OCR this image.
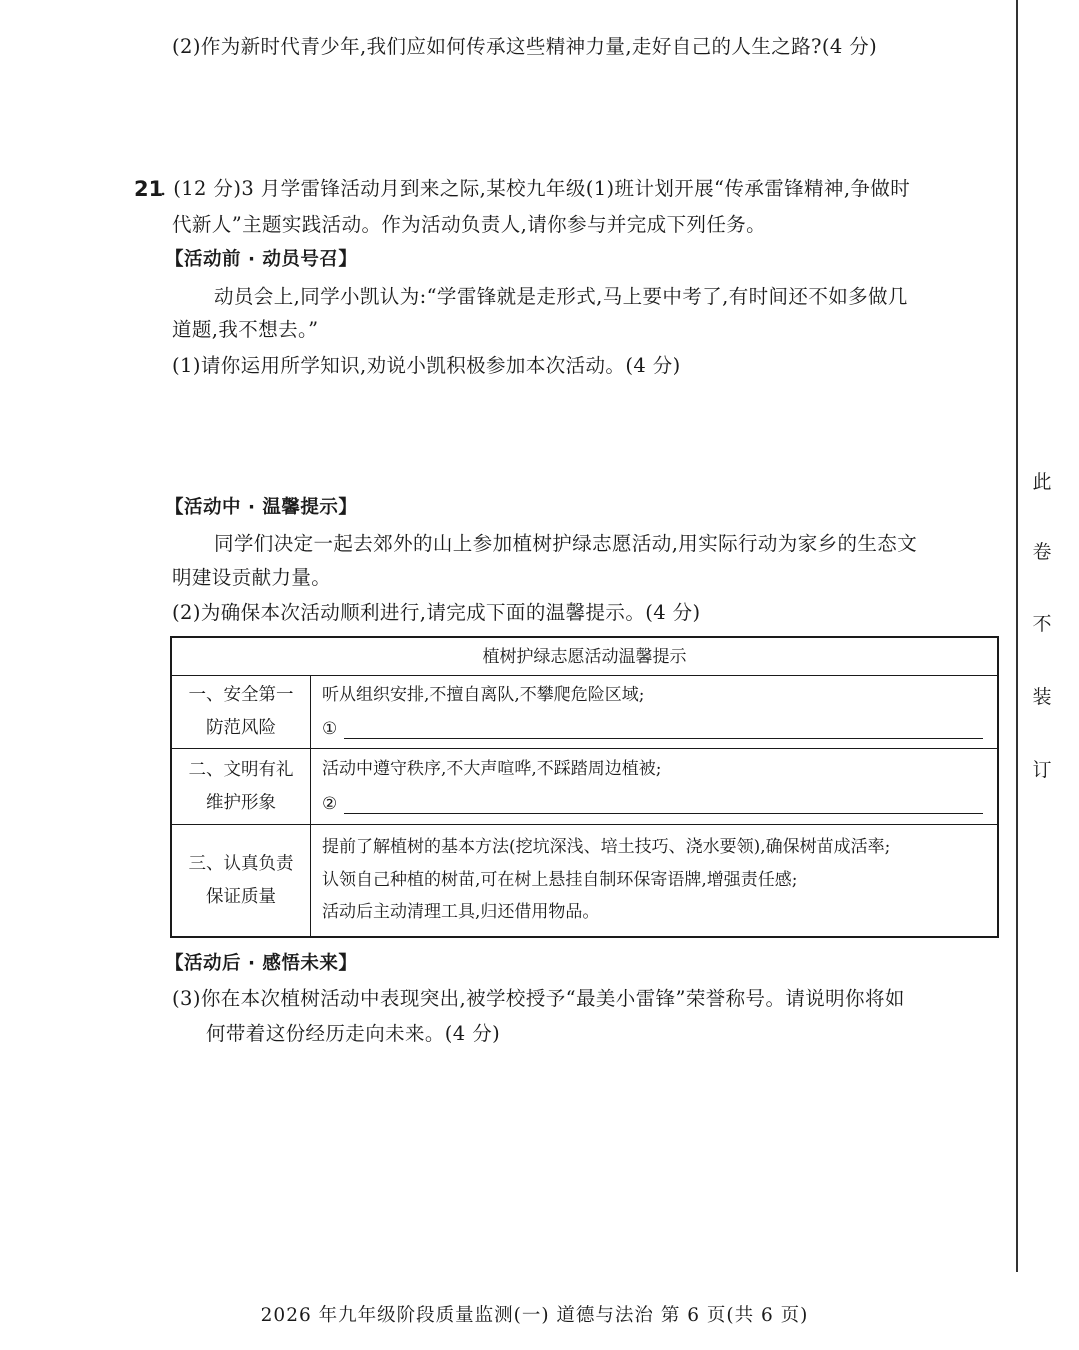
(2)作为新时代青少年,我们应如何传承这些精神力量,走好自己的人生之路?(4 分)
21
. (12 分)3 月学雷锋活动月到来之际,某校九年级(1)班计划开展“传承雷锋精神,争做时
代新人”主题实践活动。作为活动负责人,请你参与并完成下列任务。
【活动前 · 动员号召】
动员会上,同学小凯认为:“学雷锋就是走形式,马上要中考了,有时间还不如多做几
道题,我不想去。”
(1)请你运用所学知识,劝说小凯积极参加本次活动。(4 分)
【活动中 · 温馨提示】
同学们决定一起去郊外的山上参加植树护绿志愿活动,用实际行动为家乡的生态文
明建设贡献力量。
(2)为确保本次活动顺利进行,请完成下面的温馨提示。(4 分)
植树护绿志愿活动温馨提示
一、安全第一
防范风险
听从组织安排,不擅自离队,不攀爬危险区域;
①
二、文明有礼
维护形象
活动中遵守秩序,不大声喧哗,不踩踏周边植被;
②
三、认真负责
保证质量
提前了解植树的基本方法(挖坑深浅、培土技巧、浇水要领),确保树苗成活率;
认领自己种植的树苗,可在树上悬挂自制环保寄语牌,增强责任感;
活动后主动清理工具,归还借用物品。
【活动后 · 感悟未来】
(3)你在本次植树活动中表现突出,被学校授予“最美小雷锋”荣誉称号。请说明你将如
何带着这份经历走向未来。(4 分)
此
卷
不
装
订
2026 年九年级阶段质量监测(一) 道德与法治 第 6 页(共 6 页)
